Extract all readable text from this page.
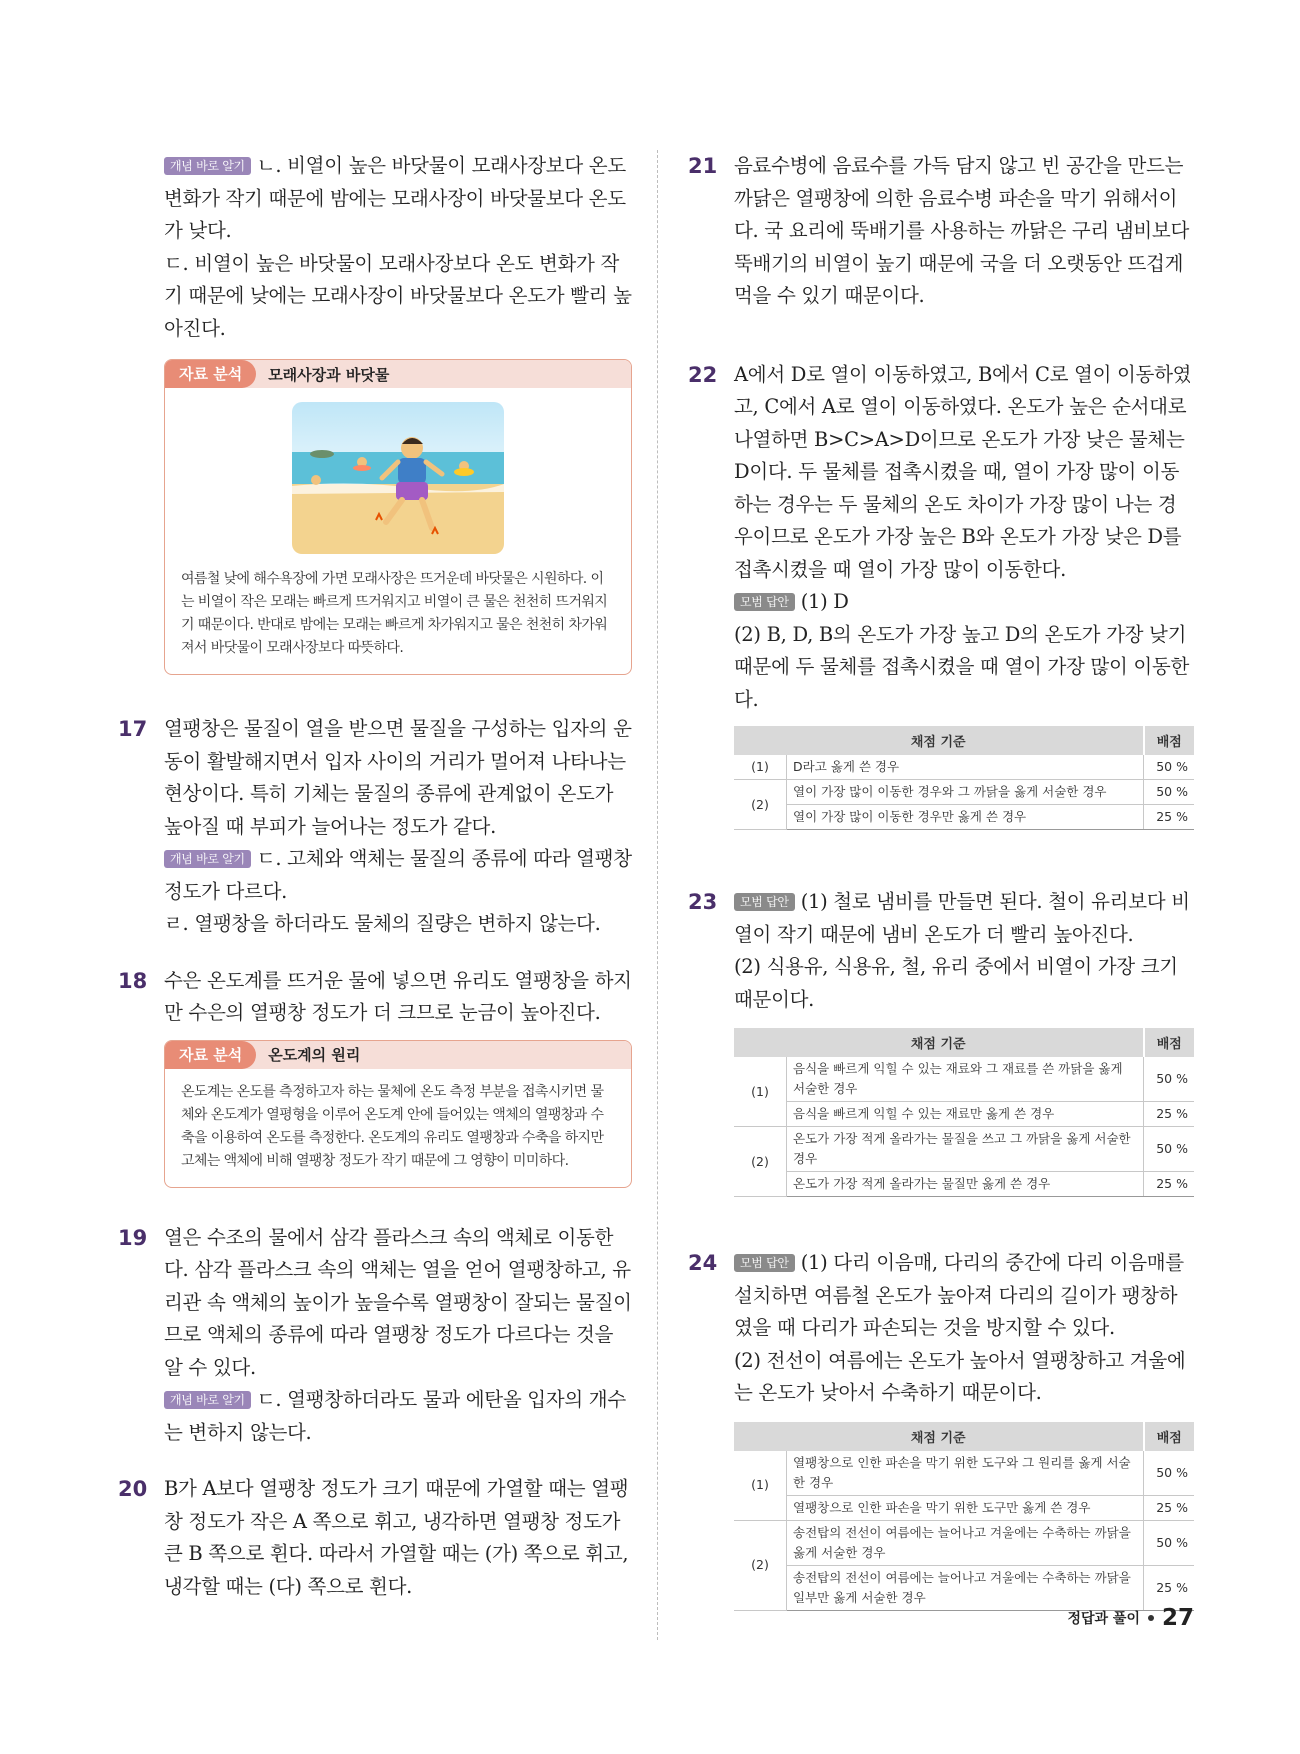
개념 바로 알기 ㄴ. 비열이 높은 바닷물이 모래사장보다 온도 변화가 작기 때문에 밤에는 모래사장이 바닷물보다 온도가 낮다.

ㄷ. 비열이 높은 바닷물이 모래사장보다 온도 변화가 작기 때문에 낮에는 모래사장이 바닷물보다 온도가 빨리 높아진다.

자료 분석	모래사장과 바닷물
여름철 낮에 해수욕장에 가면 모래사장은 뜨거운데 바닷물은 시원하다. 이는 비열이 작은 모래는 빠르게 뜨거워지고 비열이 큰 물은 천천히 뜨거워지기 때문이다. 반대로 밤에는 모래는 빠르게 차가워지고 물은 천천히 차가워져서 바닷물이 모래사장보다 따뜻하다.
17 열팽창은 물질이 열을 받으면 물질을 구성하는 입자의 운동이 활발해지면서 입자 사이의 거리가 멀어져 나타나는 현상이다. 특히 기체는 물질의 종류에 관계없이 온도가 높아질 때 부피가 늘어나는 정도가 같다.

개념 바로 알기 ㄷ. 고체와 액체는 물질의 종류에 따라 열팽창 정도가 다르다.

ㄹ. 열팽창을 하더라도 물체의 질량은 변하지 않는다.

18 수은 온도계를 뜨거운 물에 넣으면 유리도 열팽창을 하지만 수은의 열팽창 정도가 더 크므로 눈금이 높아진다.

자료 분석	온도계의 원리
온도계는 온도를 측정하고자 하는 물체에 온도 측정 부분을 접촉시키면 물체와 온도계가 열평형을 이루어 온도계 안에 들어있는 액체의 열팽창과 수축을 이용하여 온도를 측정한다. 온도계의 유리도 열팽창과 수축을 하지만 고체는 액체에 비해 열팽창 정도가 작기 때문에 그 영향이 미미하다.
19 열은 수조의 물에서 삼각 플라스크 속의 액체로 이동한다. 삼각 플라스크 속의 액체는 열을 얻어 열팽창하고, 유리관 속 액체의 높이가 높을수록 열팽창이 잘되는 물질이므로 액체의 종류에 따라 열팽창 정도가 다르다는 것을 알 수 있다.

개념 바로 알기 ㄷ. 열팽창하더라도 물과 에탄올 입자의 개수는 변하지 않는다.

20 B가 A보다 열팽창 정도가 크기 때문에 가열할 때는 열팽창 정도가 작은 A 쪽으로 휘고, 냉각하면 열팽창 정도가 큰 B 쪽으로 휜다. 따라서 가열할 때는 (가) 쪽으로 휘고, 냉각할 때는 (다) 쪽으로 휜다.

21 음료수병에 음료수를 가득 담지 않고 빈 공간을 만드는 까닭은 열팽창에 의한 음료수병 파손을 막기 위해서이다. 국 요리에 뚝배기를 사용하는 까닭은 구리 냄비보다 뚝배기의 비열이 높기 때문에 국을 더 오랫동안 뜨겁게 먹을 수 있기 때문이다.

22 A에서 D로 열이 이동하였고, B에서 C로 열이 이동하였고, C에서 A로 열이 이동하였다. 온도가 높은 순서대로 나열하면 B>C>A>D이므로 온도가 가장 낮은 물체는 D이다. 두 물체를 접촉시켰을 때, 열이 가장 많이 이동하는 경우는 두 물체의 온도 차이가 가장 많이 나는 경우이므로 온도가 가장 높은 B와 온도가 가장 낮은 D를 접촉시켰을 때 열이 가장 많이 이동한다.

모범 답안 (1) D

(2) B, D, B의 온도가 가장 높고 D의 온도가 가장 낮기 때문에 두 물체를 접촉시켰을 때 열이 가장 많이 이동한다.

채점 기준		배점
(1)	D라고 옳게 쓴 경우	50 %
(2)	열이 가장 많이 이동한 경우와 그 까닭을 옳게 서술한 경우	50 %
	열이 가장 많이 이동한 경우만 옳게 쓴 경우	25 %
23	모범 답안 (1) 철로 냄비를 만들면 된다. 철이 유리보다 비열이 작기 때문에 냄비 온도가 더 빨리 높아진다.

(2) 식용유, 식용유, 철, 유리 중에서 비열이 가장 크기 때문이다.

채점 기준		배점
(1)	음식을 빠르게 익힐 수 있는 재료와 그 재료를 쓴 까닭을 옳게 서술한 경우	50 %
	음식을 빠르게 익힐 수 있는 재료만 옳게 쓴 경우	25 %
(2)	온도가 가장 적게 올라가는 물질을 쓰고 그 까닭을 옳게 서술한 경우	50 %
	온도가 가장 적게 올라가는 물질만 옳게 쓴 경우	25 %
24	모범 답안 (1) 다리 이음매, 다리의 중간에 다리 이음매를 설치하면 여름철 온도가 높아져 다리의 길이가 팽창하였을 때 다리가 파손되는 것을 방지할 수 있다.

(2) 전선이 여름에는 온도가 높아서 열팽창하고 겨울에는 온도가 낮아서 수축하기 때문이다.

채점 기준		배점
(1)	열팽창으로 인한 파손을 막기 위한 도구와 그 원리를 옳게 서술한 경우	50 %
	열팽창으로 인한 파손을 막기 위한 도구만 옳게 쓴 경우	25 %
(2)	송전탑의 전선이 여름에는 늘어나고 겨울에는 수축하는 까닭을 옳게 서술한 경우	50 %
	송전탑의 전선이 여름에는 늘어나고 겨울에는 수축하는 까닭을 일부만 옳게 서술한 경우	25 %
정답과 풀이 27
